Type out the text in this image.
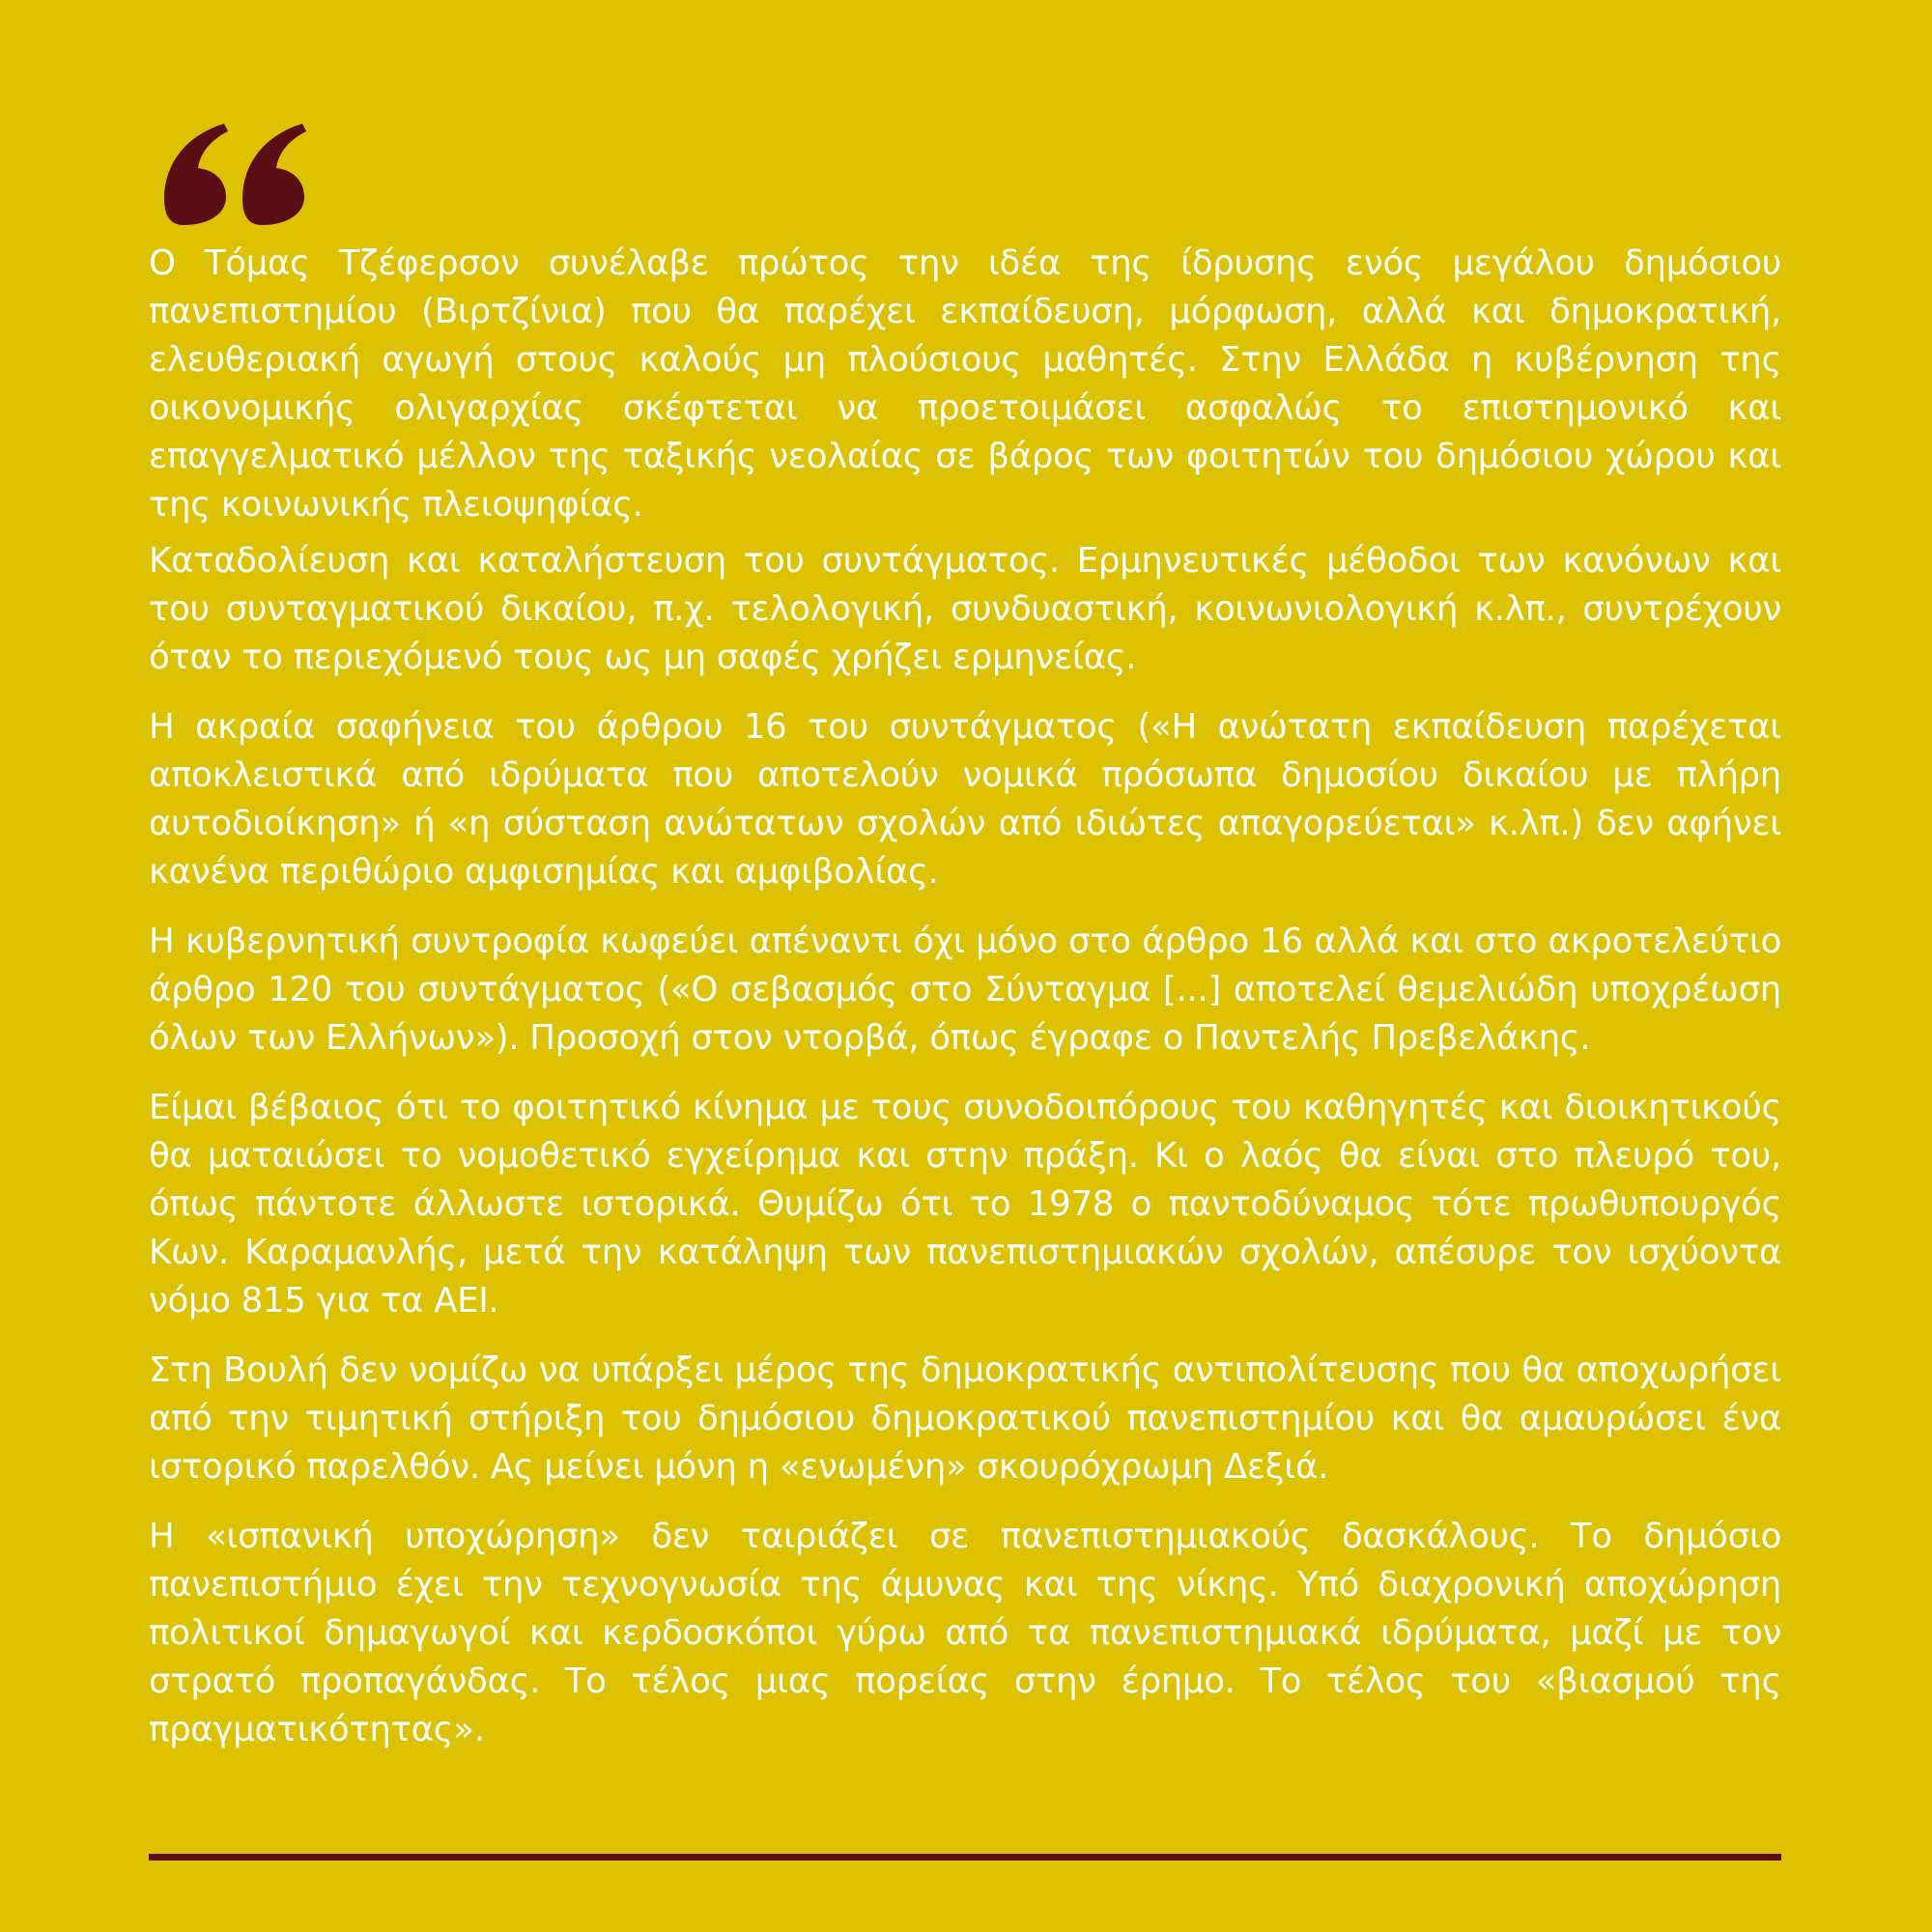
Ο Τόμας Τζέφερσον συνέλαβε πρώτος την ιδέα της ίδρυσης ενός μεγάλου δημόσιου πανεπιστημίου (Βιρτζίνια) που θα παρέχει εκπαίδευση, μόρφωση, αλλά και δημοκρατική, ελευθεριακή αγωγή στους καλούς μη πλούσιους μαθητές. Στην Ελλάδα η κυβέρνηση της οικονομικής ολιγαρχίας σκέφτεται να προετοιμάσει ασφαλώς το επιστημονικό και επαγγελματικό μέλλον της ταξικής νεολαίας σε βάρος των φοιτητών του δημόσιου χώρου και της κοινωνικής πλειοψηφίας.

Καταδολίευση και καταλήστευση του συντάγματος. Ερμηνευτικές μέθοδοι των κανόνων και του συνταγματικού δικαίου, π.χ. τελολογική, συνδυαστική, κοινωνιολογική κ.λπ., συντρέχουν όταν το περιεχόμενό τους ως μη σαφές χρήζει ερμηνείας.

Η ακραία σαφήνεια του άρθρου 16 του συντάγματος («Η ανώτατη εκπαίδευση παρέχεται αποκλειστικά από ιδρύματα που αποτελούν νομικά πρόσωπα δημοσίου δικαίου με πλήρη αυτοδιοίκηση» ή «η σύσταση ανώτατων σχολών από ιδιώτες απαγορεύεται» κ.λπ.) δεν αφήνει κανένα περιθώριο αμφισημίας και αμφιβολίας.

Η κυβερνητική συντροφία κωφεύει απέναντι όχι μόνο στο άρθρο 16 αλλά και στο ακροτελεύτιο άρθρο 120 του συντάγματος («Ο σεβασμός στο Σύνταγμα [...] αποτελεί θεμελιώδη υποχρέωση όλων των Ελλήνων»). Προσοχή στον ντορβά, όπως έγραφε ο Παντελής Πρεβελάκης.

Είμαι βέβαιος ότι το φοιτητικό κίνημα με τους συνοδοιπόρους του καθηγητές και διοικητικούς θα ματαιώσει το νομοθετικό εγχείρημα και στην πράξη. Κι ο λαός θα είναι στο πλευρό του, όπως πάντοτε άλλωστε ιστορικά. Θυμίζω ότι το 1978 ο παντοδύναμος τότε πρωθυπουργός Κων. Καραμανλής, μετά την κατάληψη των πανεπιστημιακών σχολών, απέσυρε τον ισχύοντα νόμο 815 για τα ΑΕΙ.

Στη Βουλή δεν νομίζω να υπάρξει μέρος της δημοκρατικής αντιπολίτευσης που θα αποχωρήσει από την τιμητική στήριξη του δημόσιου δημοκρατικού πανεπιστημίου και θα αμαυρώσει ένα ιστορικό παρελθόν. Ας μείνει μόνη η «ενωμένη» σκουρόχρωμη Δεξιά.

Η «ισπανική υποχώρηση» δεν ταιριάζει σε πανεπιστημιακούς δασκάλους. Το δημόσιο πανεπιστήμιο έχει την τεχνογνωσία της άμυνας και της νίκης. Υπό διαχρονική αποχώρηση πολιτικοί δημαγωγοί και κερδοσκόποι γύρω από τα πανεπιστημιακά ιδρύματα, μαζί με τον στρατό προπαγάνδας. Το τέλος μιας πορείας στην έρημο. Το τέλος του «βιασμού της πραγματικότητας».
